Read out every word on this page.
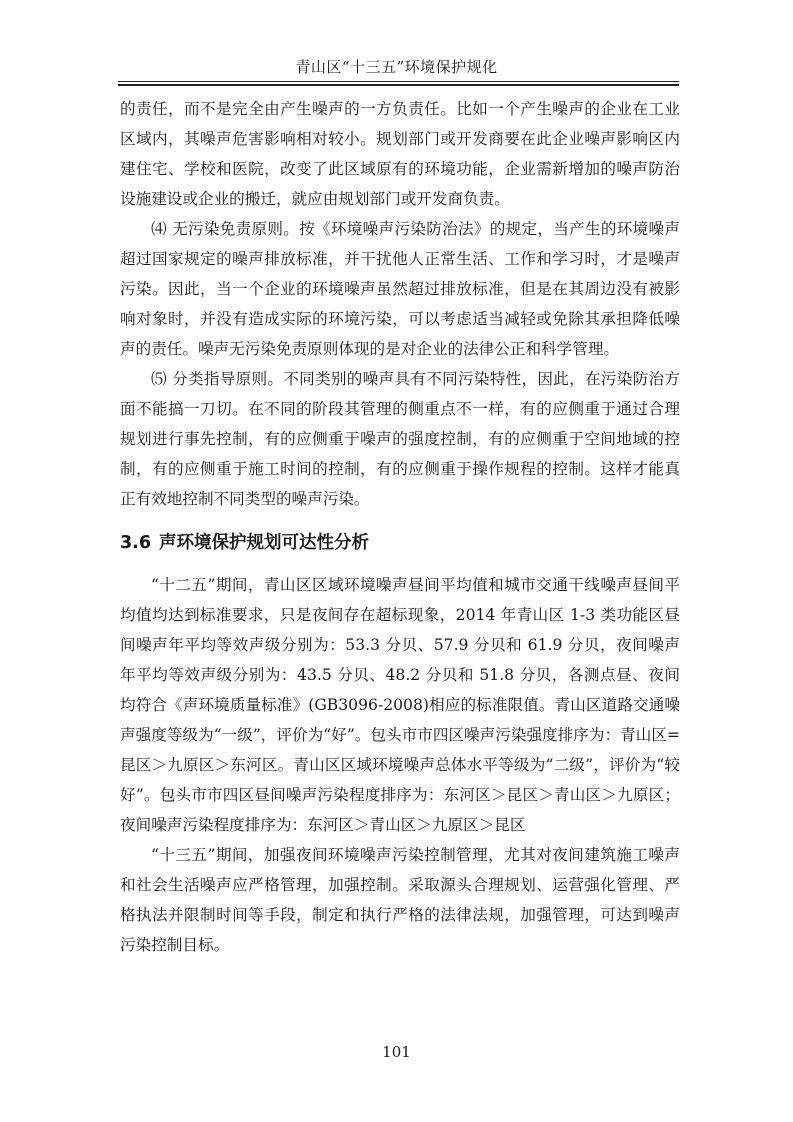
青山区“十三五”环境保护规化

的责任，而不是完全由产生噪声的一方负责任。比如一个产生噪声的企业在工业区域内，其噪声危害影响相对较小。规划部门或开发商要在此企业噪声影响区内建住宅、学校和医院，改变了此区域原有的环境功能，企业需新增加的噪声防治设施建设或企业的搬迁，就应由规划部门或开发商负责。

⑷ 无污染免责原则。按《环境噪声污染防治法》的规定，当产生的环境噪声超过国家规定的噪声排放标准，并干扰他人正常生活、工作和学习时，才是噪声污染。因此，当一个企业的环境噪声虽然超过排放标准，但是在其周边没有被影响对象时，并没有造成实际的环境污染，可以考虑适当减轻或免除其承担降低噪声的责任。噪声无污染免责原则体现的是对企业的法律公正和科学管理。

⑸ 分类指导原则。不同类别的噪声具有不同污染特性，因此，在污染防治方面不能搞一刀切。在不同的阶段其管理的侧重点不一样，有的应侧重于通过合理规划进行事先控制，有的应侧重于噪声的强度控制，有的应侧重于空间地域的控制，有的应侧重于施工时间的控制，有的应侧重于操作规程的控制。这样才能真正有效地控制不同类型的噪声污染。

3.6 声环境保护规划可达性分析

“十二五”期间，青山区区域环境噪声昼间平均值和城市交通干线噪声昼间平均值均达到标准要求，只是夜间存在超标现象，2014 年青山区 1-3 类功能区昼间噪声年平均等效声级分别为：53.3 分贝、57.9 分贝和 61.9 分贝，夜间噪声年平均等效声级分别为：43.5 分贝、48.2 分贝和 51.8 分贝，各测点昼、夜间均符合《声环境质量标准》(GB3096-2008)相应的标准限值。青山区道路交通噪声强度等级为“一级”，评价为“好”。包头市市四区噪声污染强度排序为：青山区=昆区＞九原区＞东河区。青山区区域环境噪声总体水平等级为“二级”，评价为“较好”。包头市市四区昼间噪声污染程度排序为：东河区＞昆区＞青山区＞九原区；夜间噪声污染程度排序为：东河区＞青山区＞九原区＞昆区

“十三五”期间，加强夜间环境噪声污染控制管理，尤其对夜间建筑施工噪声和社会生活噪声应严格管理，加强控制。采取源头合理规划、运营强化管理、严格执法并限制时间等手段，制定和执行严格的法律法规，加强管理，可达到噪声污染控制目标。

101
